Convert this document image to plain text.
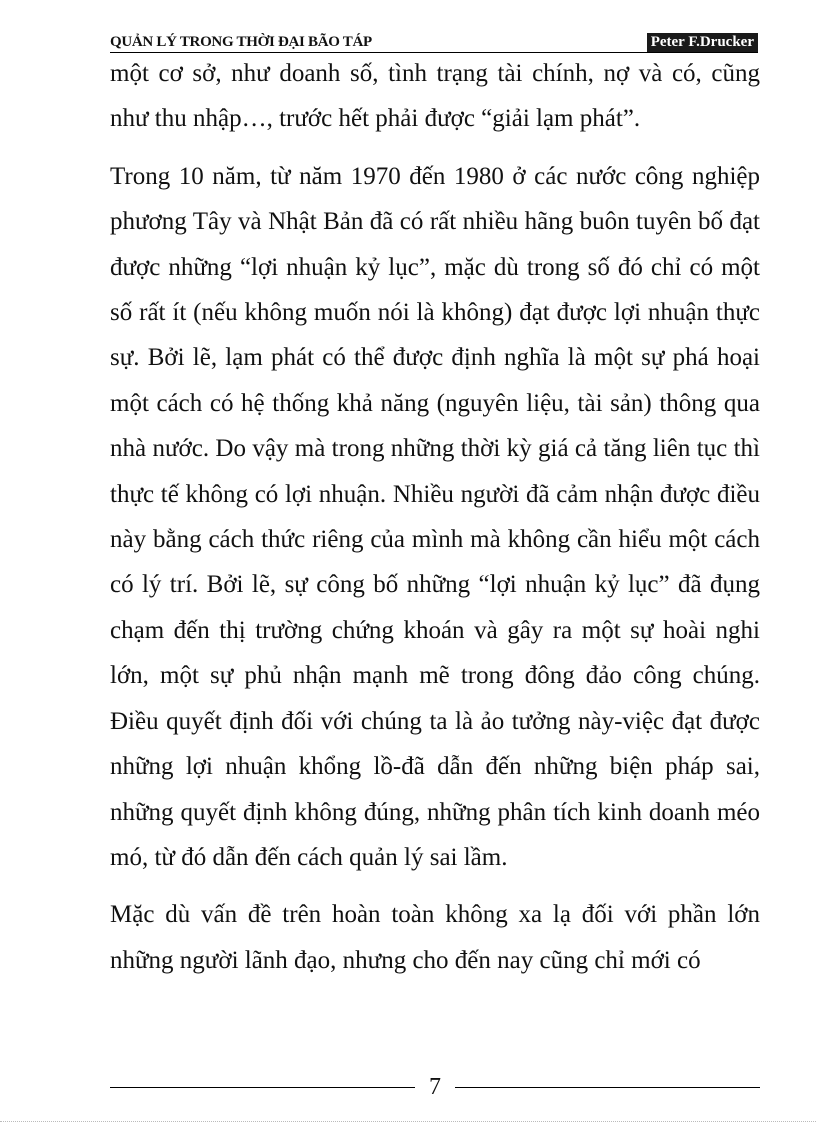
QUẢN LÝ TRONG THỜI ĐẠI BÃO TÁP	Peter F.Drucker

một cơ sở, như doanh số, tình trạng tài chính, nợ và có, cũng như thu nhập…, trước hết phải được “giải lạm phát”.

Trong 10 năm, từ năm 1970 đến 1980 ở các nước công nghiệp phương Tây và Nhật Bản đã có rất nhiều hãng buôn tuyên bố đạt được những “lợi nhuận kỷ lục”, mặc dù trong số đó chỉ có một số rất ít (nếu không muốn nói là không) đạt được lợi nhuận thực sự. Bởi lẽ, lạm phát có thể được định nghĩa là một sự phá hoại một cách có hệ thống khả năng (nguyên liệu, tài sản) thông qua nhà nước. Do vậy mà trong những thời kỳ giá cả tăng liên tục thì thực tế không có lợi nhuận. Nhiều người đã cảm nhận được điều này bằng cách thức riêng của mình mà không cần hiểu một cách có lý trí. Bởi lẽ, sự công bố những “lợi nhuận kỷ lục” đã đụng chạm đến thị trường chứng khoán và gây ra một sự hoài nghi lớn, một sự phủ nhận mạnh mẽ trong đông đảo công chúng. Điều quyết định đối với chúng ta là ảo tưởng này-việc đạt được những lợi nhuận khổng lồ-đã dẫn đến những biện pháp sai, những quyết định không đúng, những phân tích kinh doanh méo mó, từ đó dẫn đến cách quản lý sai lầm.

Mặc dù vấn đề trên hoàn toàn không xa lạ đối với phần lớn những người lãnh đạo, nhưng cho đến nay cũng chỉ mới có

7
